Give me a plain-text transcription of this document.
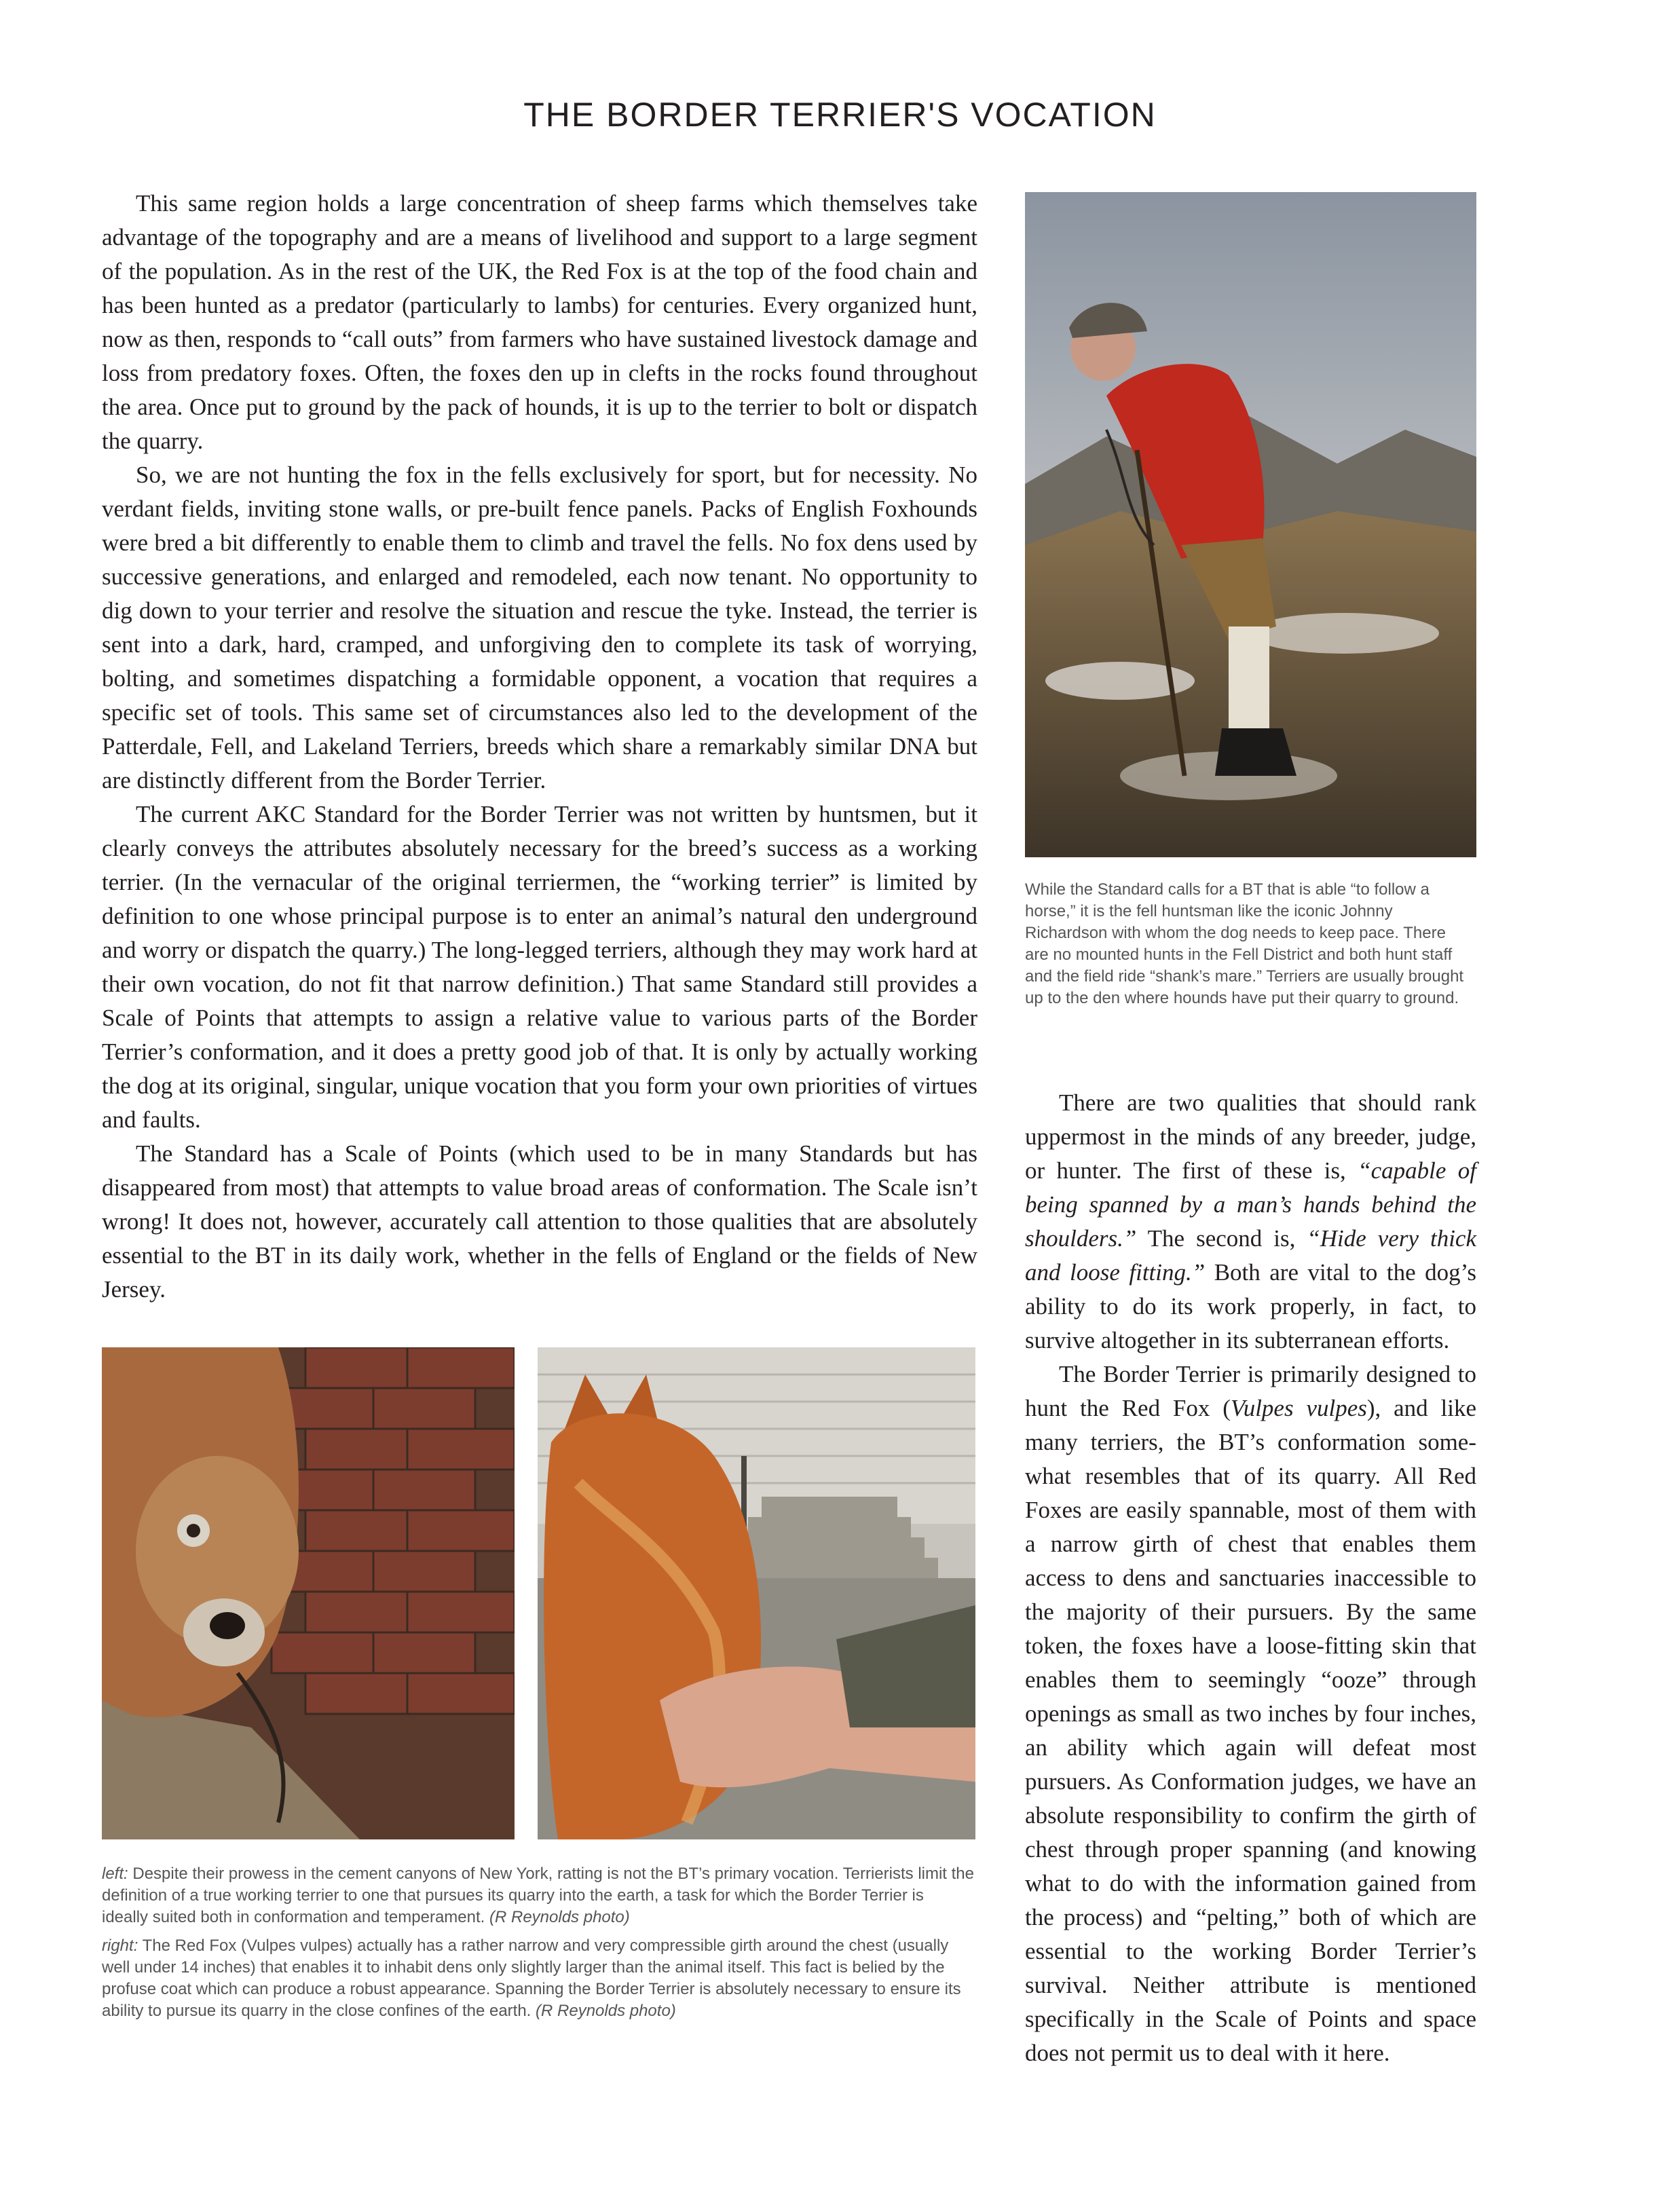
THE BORDER TERRIER'S VOCATION

This same region holds a large concentration of sheep farms which themselves take advantage of the topography and are a means of livelihood and support to a large segment of the population. As in the rest of the UK, the Red Fox is at the top of the food chain and has been hunted as a predator (particularly to lambs) for centuries. Every organized hunt, now as then, responds to “call outs” from farmers who have sustained livestock damage and loss from predatory foxes. Often, the foxes den up in clefts in the rocks found throughout the area. Once put to ground by the pack of hounds, it is up to the terrier to bolt or dispatch the quarry.

So, we are not hunting the fox in the fells exclusively for sport, but for necessity. No verdant fields, inviting stone walls, or pre-built fence panels. Packs of English Foxhounds were bred a bit differently to enable them to climb and travel the fells. No fox dens used by successive generations, and enlarged and remodeled, each now tenant. No opportunity to dig down to your terrier and resolve the situation and rescue the tyke. Instead, the terrier is sent into a dark, hard, cramped, and unforgiving den to complete its task of worrying, bolting, and sometimes dispatching a formidable opponent, a vocation that requires a specific set of tools. This same set of circumstances also led to the development of the Patterdale, Fell, and Lakeland Terriers, breeds which share a remarkably similar DNA but are distinctly different from the Border Terrier.

The current AKC Standard for the Border Terrier was not written by huntsmen, but it clearly conveys the attributes absolutely necessary for the breed’s success as a working terrier. (In the vernacular of the original terriermen, the “working terrier” is limited by definition to one whose principal purpose is to enter an animal’s natural den underground and worry or dispatch the quarry.) The long-legged terriers, although they may work hard at their own vocation, do not fit that narrow definition.) That same Standard still provides a Scale of Points that attempts to assign a relative value to various parts of the Border Terrier’s conformation, and it does a pretty good job of that. It is only by actually working the dog at its original, singular, unique vocation that you form your own priorities of virtues and faults.

The Standard has a Scale of Points (which used to be in many Standards but has disappeared from most) that attempts to value broad areas of conformation. The Scale isn’t wrong! It does not, however, accurately call attention to those qualities that are absolutely essential to the BT in its daily work, whether in the fells of England or the fields of New Jersey.

While the Standard calls for a BT that is able “to follow a horse,” it is the fell huntsman like the iconic Johnny Richardson with whom the dog needs to keep pace. There are no mounted hunts in the Fell District and both hunt staff and the field ride “shank’s mare.” Terriers are usually brought up to the den where hounds have put their quarry to ground.

There are two qualities that should rank uppermost in the minds of any breeder, judge, or hunter. The first of these is, “capable of being spanned by a man’s hands behind the shoulders.” The second is, “Hide very thick and loose fitting.” Both are vital to the dog’s ability to do its work properly, in fact, to survive altogether in its subterranean efforts.

The Border Terrier is primarily designed to hunt the Red Fox (Vulpes vulpes), and like many terriers, the BT’s conformation somewhat resembles that of its quarry. All Red Foxes are easily spannable, most of them with a narrow girth of chest that enables them access to dens and sanctuaries inaccessible to the majority of their pursuers. By the same token, the foxes have a loose-fitting skin that enables them to seemingly “ooze” through openings as small as two inches by four inches, an ability which again will defeat most pursuers. As Conformation judges, we have an absolute responsibility to confirm the girth of chest through proper spanning (and knowing what to do with the information gained from the process) and “pelting,” both of which are essential to the working Border Terrier’s survival. Neither attribute is mentioned specifically in the Scale of Points and space does not permit us to deal with it here.

left: Despite their prowess in the cement canyons of New York, ratting is not the BT’s primary vocation. Terrierists limit the definition of a true working terrier to one that pursues its quarry into the earth, a task for which the Border Terrier is ideally suited both in conformation and temperament. (R Reynolds photo)

right: The Red Fox (Vulpes vulpes) actually has a rather narrow and very compressible girth around the chest (usually well under 14 inches) that enables it to inhabit dens only slightly larger than the animal itself. This fact is belied by the profuse coat which can produce a robust appearance. Spanning the Border Terrier is absolutely necessary to ensure its ability to pursue its quarry in the close confines of the earth. (R Reynolds photo)
